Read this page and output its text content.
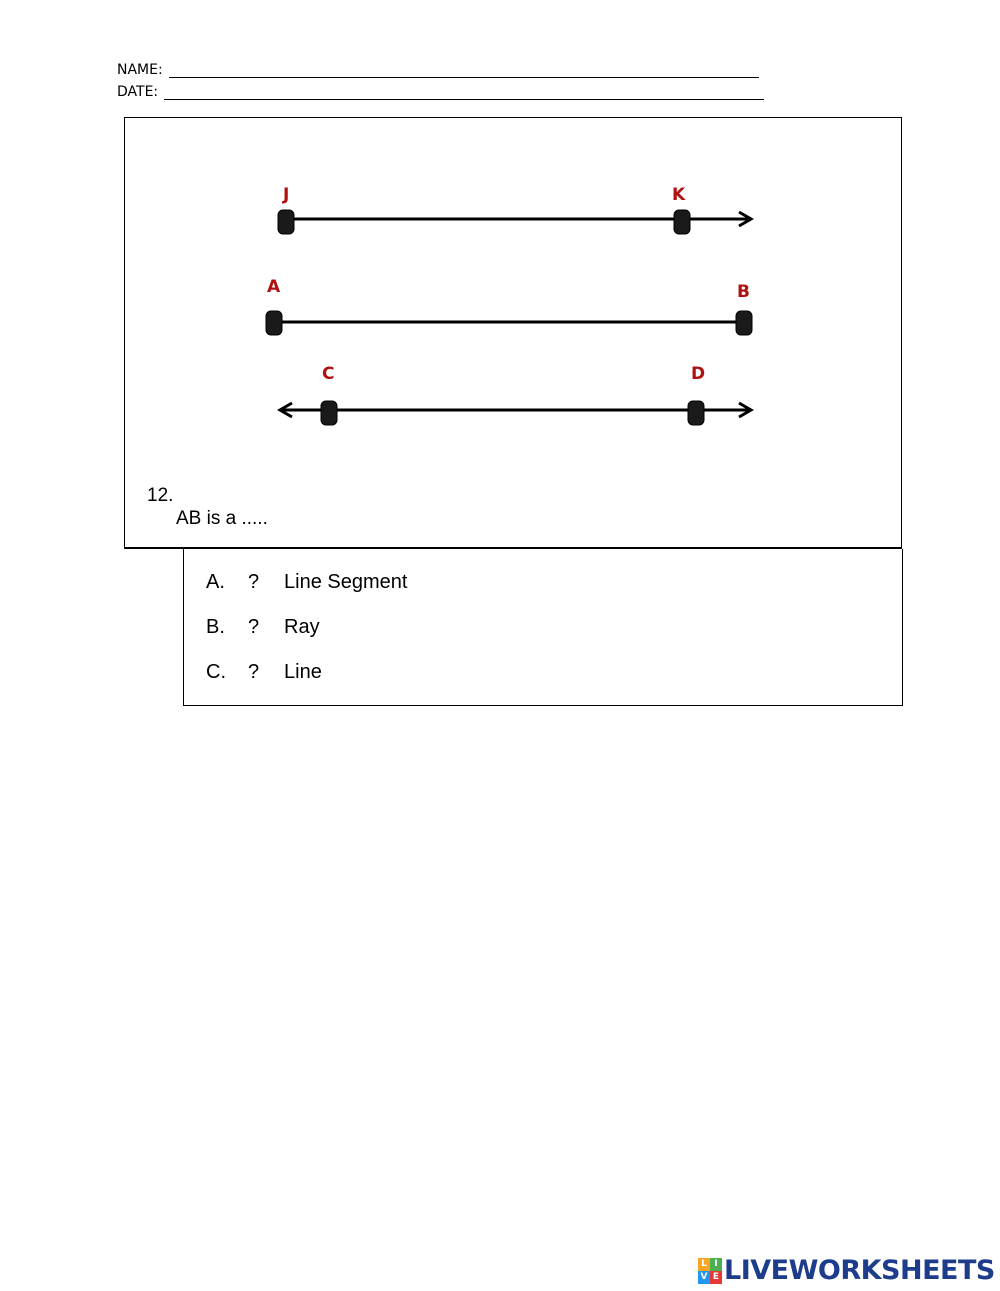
NAME:
DATE:
J	K
A	B
C	D
12.
AB is a .....
A.	?	Line Segment
B.	?	Ray
C.	?	Line
L I
V E LIVEWORKSHEETS
